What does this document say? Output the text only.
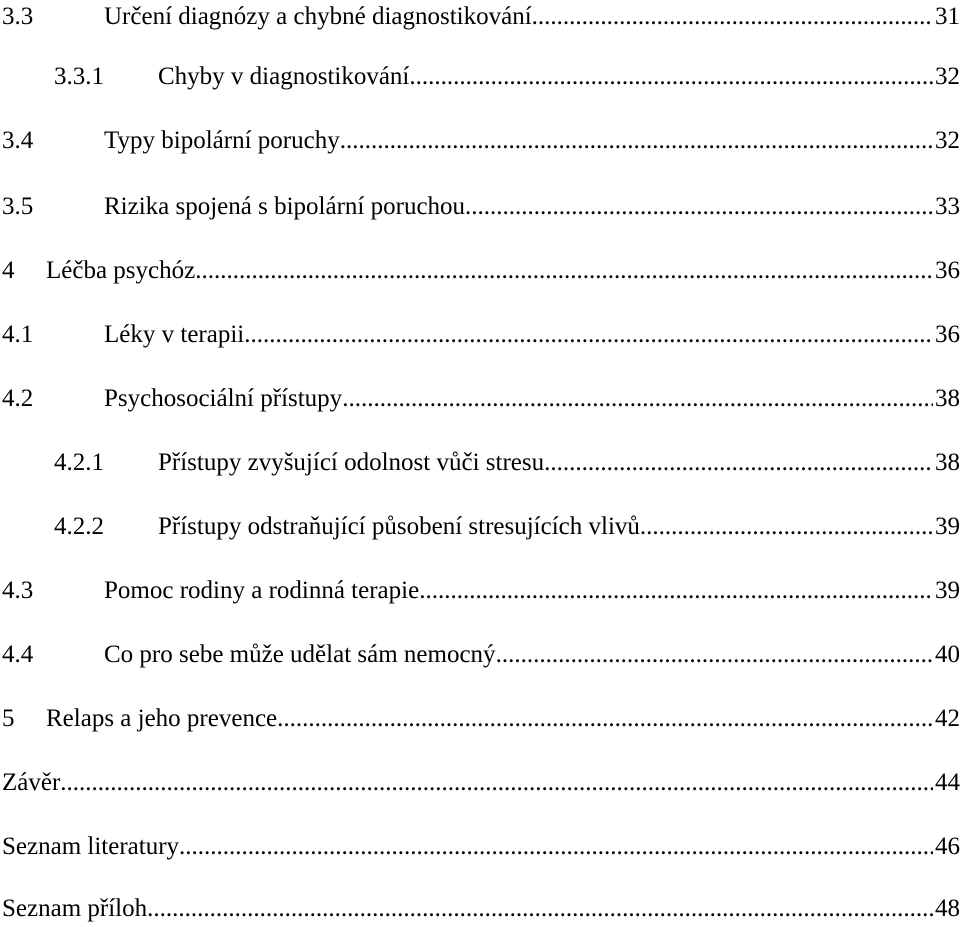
3.3	Určení diagnózy a chybné diagnostikování .....	31
3.3.1 Chyby v diagnostikování .....	32
3.4	Typy bipolární poruchy .....	32
3.5	Rizika spojená s bipolární poruchou .....	33
4 Léčba psychóz .....	36
4.1	Léky v terapii .....	36
4.2	Psychosociální přístupy .....	38
4.2.1 Přístupy zvyšující odolnost vůči stresu .....	38
4.2.2 Přístupy odstraňující působení stresujících vlivů .....	39
4.3	Pomoc rodiny a rodinná terapie .....	39
4.4	Co pro sebe může udělat sám nemocný .....	40
5 Relaps a jeho prevence .....	42
Závěr .....	44
Seznam literatury .....	46
Seznam příloh .....	48
